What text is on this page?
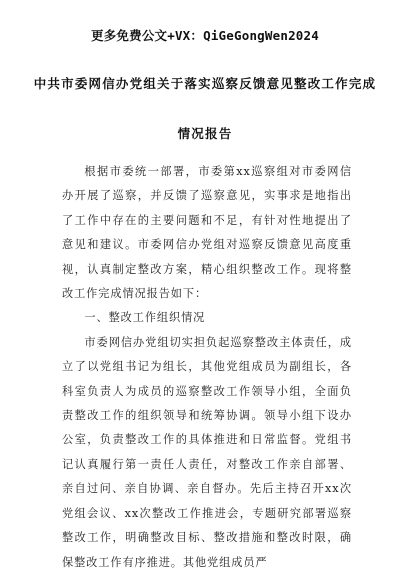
更多免费公文+VX：QiGeGongWen2024
中共市委网信办党组关于落实巡察反馈意见整改工作完成
情况报告

根据市委统一部署，市委第xx巡察组对市委网信办开展了巡察，并反馈了巡察意见，实事求是地指出了工作中存在的主要问题和不足，有针对性地提出了意见和建议。市委网信办党组对巡察反馈意见高度重视，认真制定整改方案，精心组织整改工作。现将整改工作完成情况报告如下：

一、整改工作组织情况

市委网信办党组切实担负起巡察整改主体责任，成立了以党组书记为组长，其他党组成员为副组长，各科室负责人为成员的巡察整改工作领导小组，全面负责整改工作的组织领导和统筹协调。领导小组下设办公室，负责整改工作的具体推进和日常监督。党组书记认真履行第一责任人责任，对整改工作亲自部署、亲自过问、亲自协调、亲自督办。先后主持召开xx次党组会议、xx次整改工作推进会，专题研究部署巡察整改工作，明确整改目标、整改措施和整改时限，确保整改工作有序推进。其他党组成员严
